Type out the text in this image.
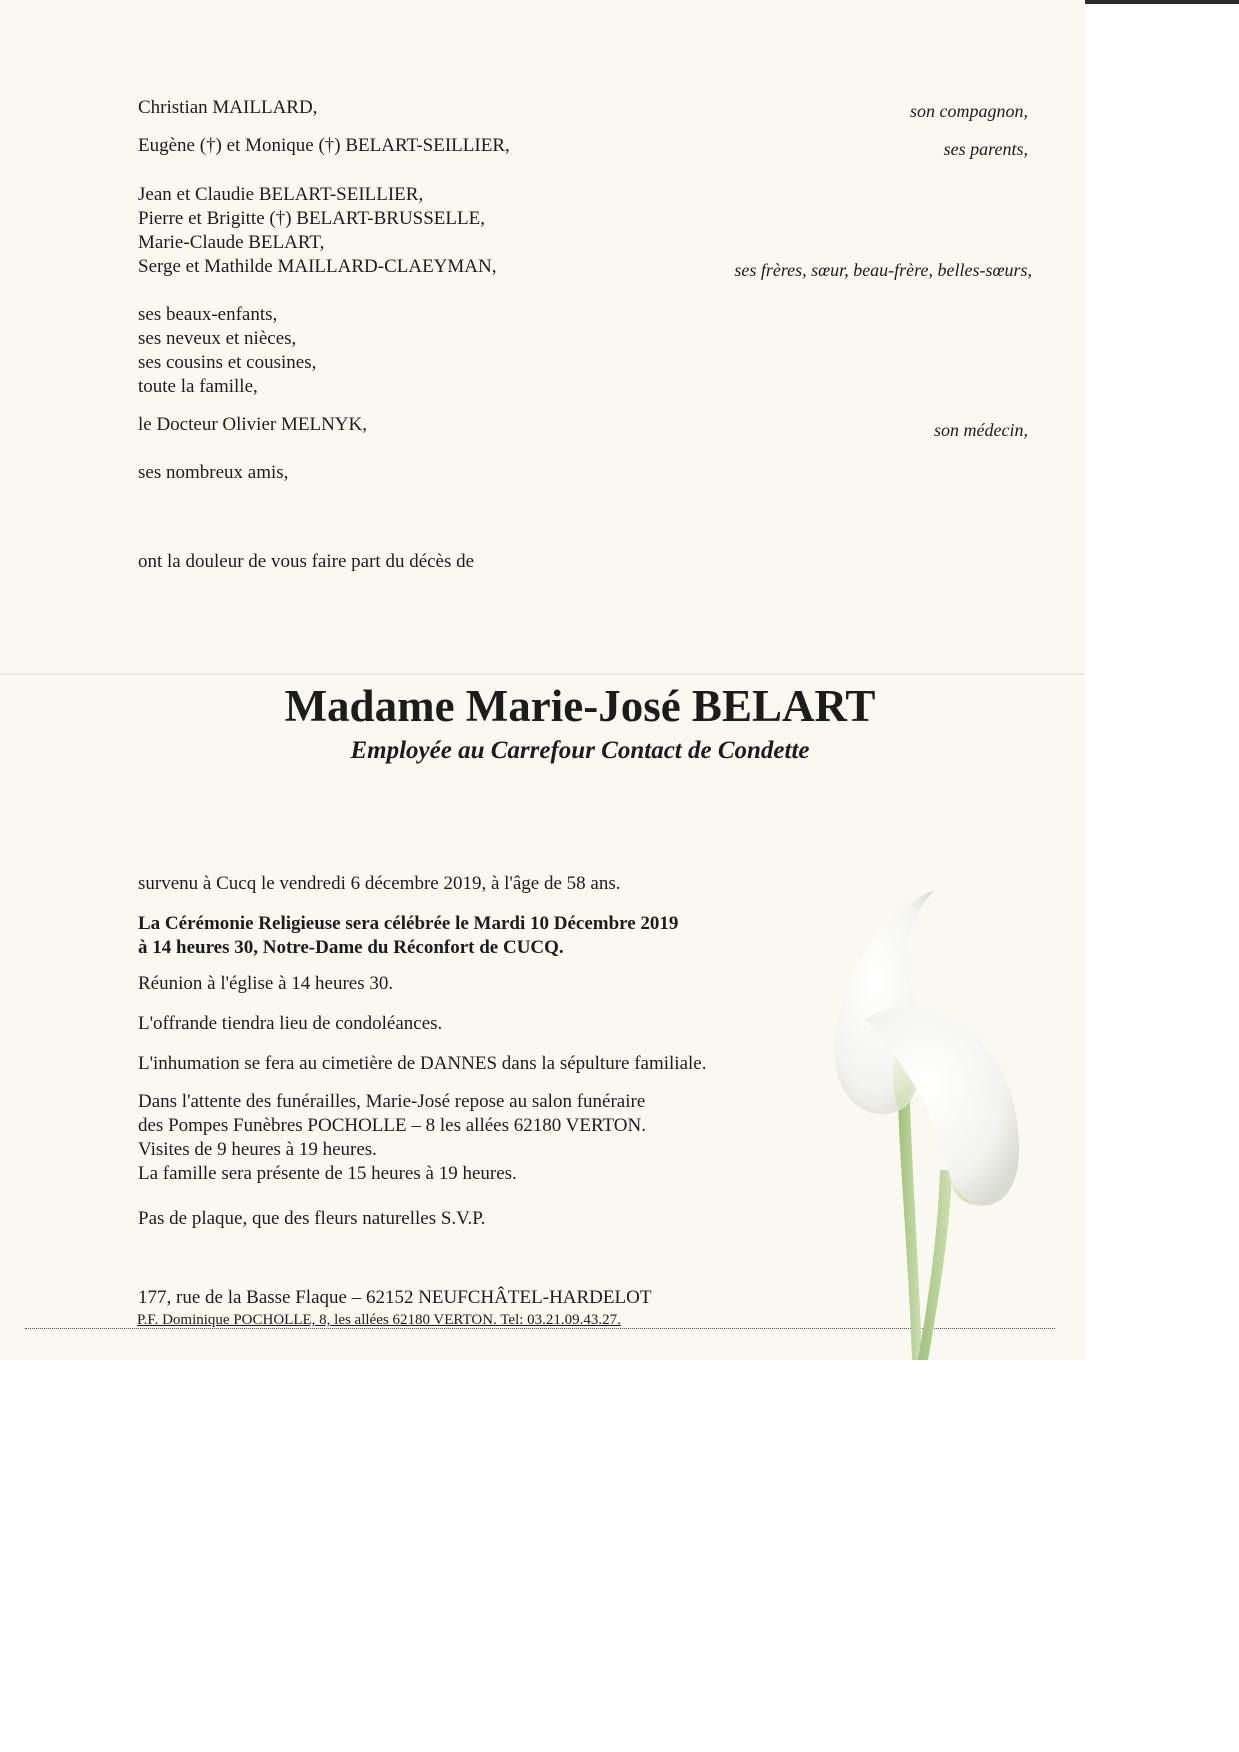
Christian MAILLARD,	son compagnon,

Eugène (†) et Monique (†) BELART-SEILLIER,	ses parents,

Jean et Claudie BELART-SEILLIER,

Pierre et Brigitte (†) BELART-BRUSSELLE,

Marie-Claude BELART,

Serge et Mathilde MAILLARD-CLAEYMAN,	ses frères, sœur, beau-frère, belles-sœurs,

ses beaux-enfants,

ses neveux et nièces,

ses cousins et cousines,

toute la famille,

le Docteur Olivier MELNYK,	son médecin,

ses nombreux amis,

ont la douleur de vous faire part du décès de

Madame Marie-José BELART

Employée au Carrefour Contact de Condette

survenu à Cucq le vendredi 6 décembre 2019, à l'âge de 58 ans.

La Cérémonie Religieuse sera célébrée le Mardi 10 Décembre 2019

à 14 heures 30, Notre-Dame du Réconfort de CUCQ.

Réunion à l'église à 14 heures 30.

L'offrande tiendra lieu de condoléances.

L'inhumation se fera au cimetière de DANNES dans la sépulture familiale.

Dans l'attente des funérailles, Marie-José repose au salon funéraire

des Pompes Funèbres POCHOLLE – 8 les allées 62180 VERTON.

Visites de 9 heures à 19 heures.

La famille sera présente de 15 heures à 19 heures.

Pas de plaque, que des fleurs naturelles S.V.P.

177, rue de la Basse Flaque – 62152 NEUFCHÂTEL-HARDELOT

P.F. Dominique POCHOLLE, 8, les allées 62180 VERTON. Tel: 03.21.09.43.27.
